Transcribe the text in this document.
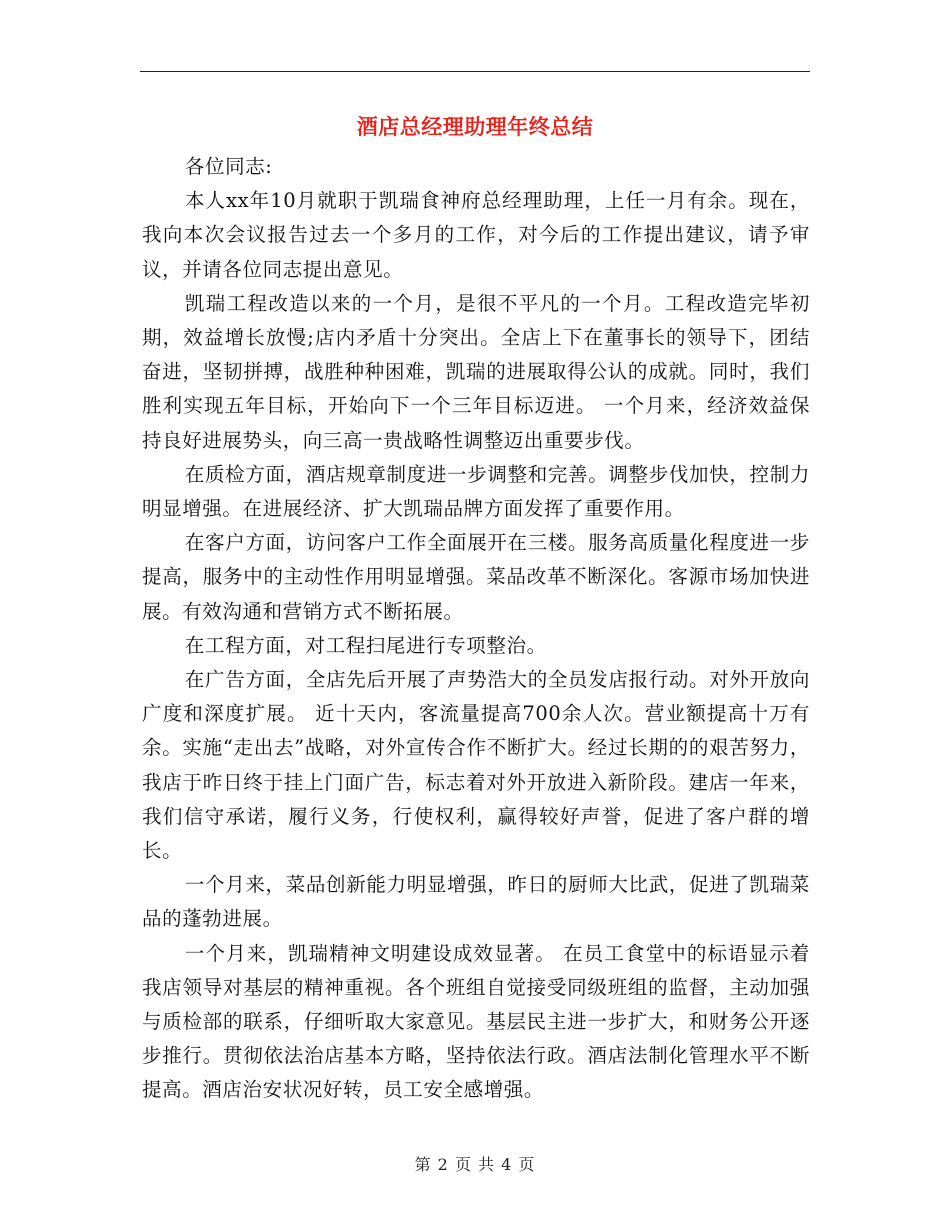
酒店总经理助理年终总结

各位同志:

本人xx年10月就职于凯瑞食神府总经理助理，上任一月有余。现在，我向本次会议报告过去一个多月的工作，对今后的工作提出建议，请予审议，并请各位同志提出意见。

凯瑞工程改造以来的一个月，是很不平凡的一个月。工程改造完毕初期，效益增长放慢;店内矛盾十分突出。全店上下在董事长的领导下，团结奋进，坚韧拼搏，战胜种种困难，凯瑞的进展取得公认的成就。同时，我们胜利实现五年目标，开始向下一个三年目标迈进。 一个月来，经济效益保持良好进展势头，向三高一贵战略性调整迈出重要步伐。

在质检方面，酒店规章制度进一步调整和完善。调整步伐加快，控制力明显增强。在进展经济、扩大凯瑞品牌方面发挥了重要作用。

在客户方面，访问客户工作全面展开在三楼。服务高质量化程度进一步提高，服务中的主动性作用明显增强。菜品改革不断深化。客源市场加快进展。有效沟通和营销方式不断拓展。

在工程方面，对工程扫尾进行专项整治。

在广告方面，全店先后开展了声势浩大的全员发店报行动。对外开放向广度和深度扩展。 近十天内，客流量提高700余人次。营业额提高十万有余。实施“走出去”战略，对外宣传合作不断扩大。经过长期的的艰苦努力，我店于昨日终于挂上门面广告，标志着对外开放进入新阶段。建店一年来，我们信守承诺，履行义务，行使权利，赢得较好声誉，促进了客户群的增长。

一个月来，菜品创新能力明显增强，昨日的厨师大比武，促进了凯瑞菜品的蓬勃进展。

一个月来，凯瑞精神文明建设成效显著。 在员工食堂中的标语显示着我店领导对基层的精神重视。各个班组自觉接受同级班组的监督，主动加强与质检部的联系，仔细听取大家意见。基层民主进一步扩大，和财务公开逐步推行。贯彻依法治店基本方略，坚持依法行政。酒店法制化管理水平不断提高。酒店治安状况好转，员工安全感增强。

第 2 页 共 4 页
